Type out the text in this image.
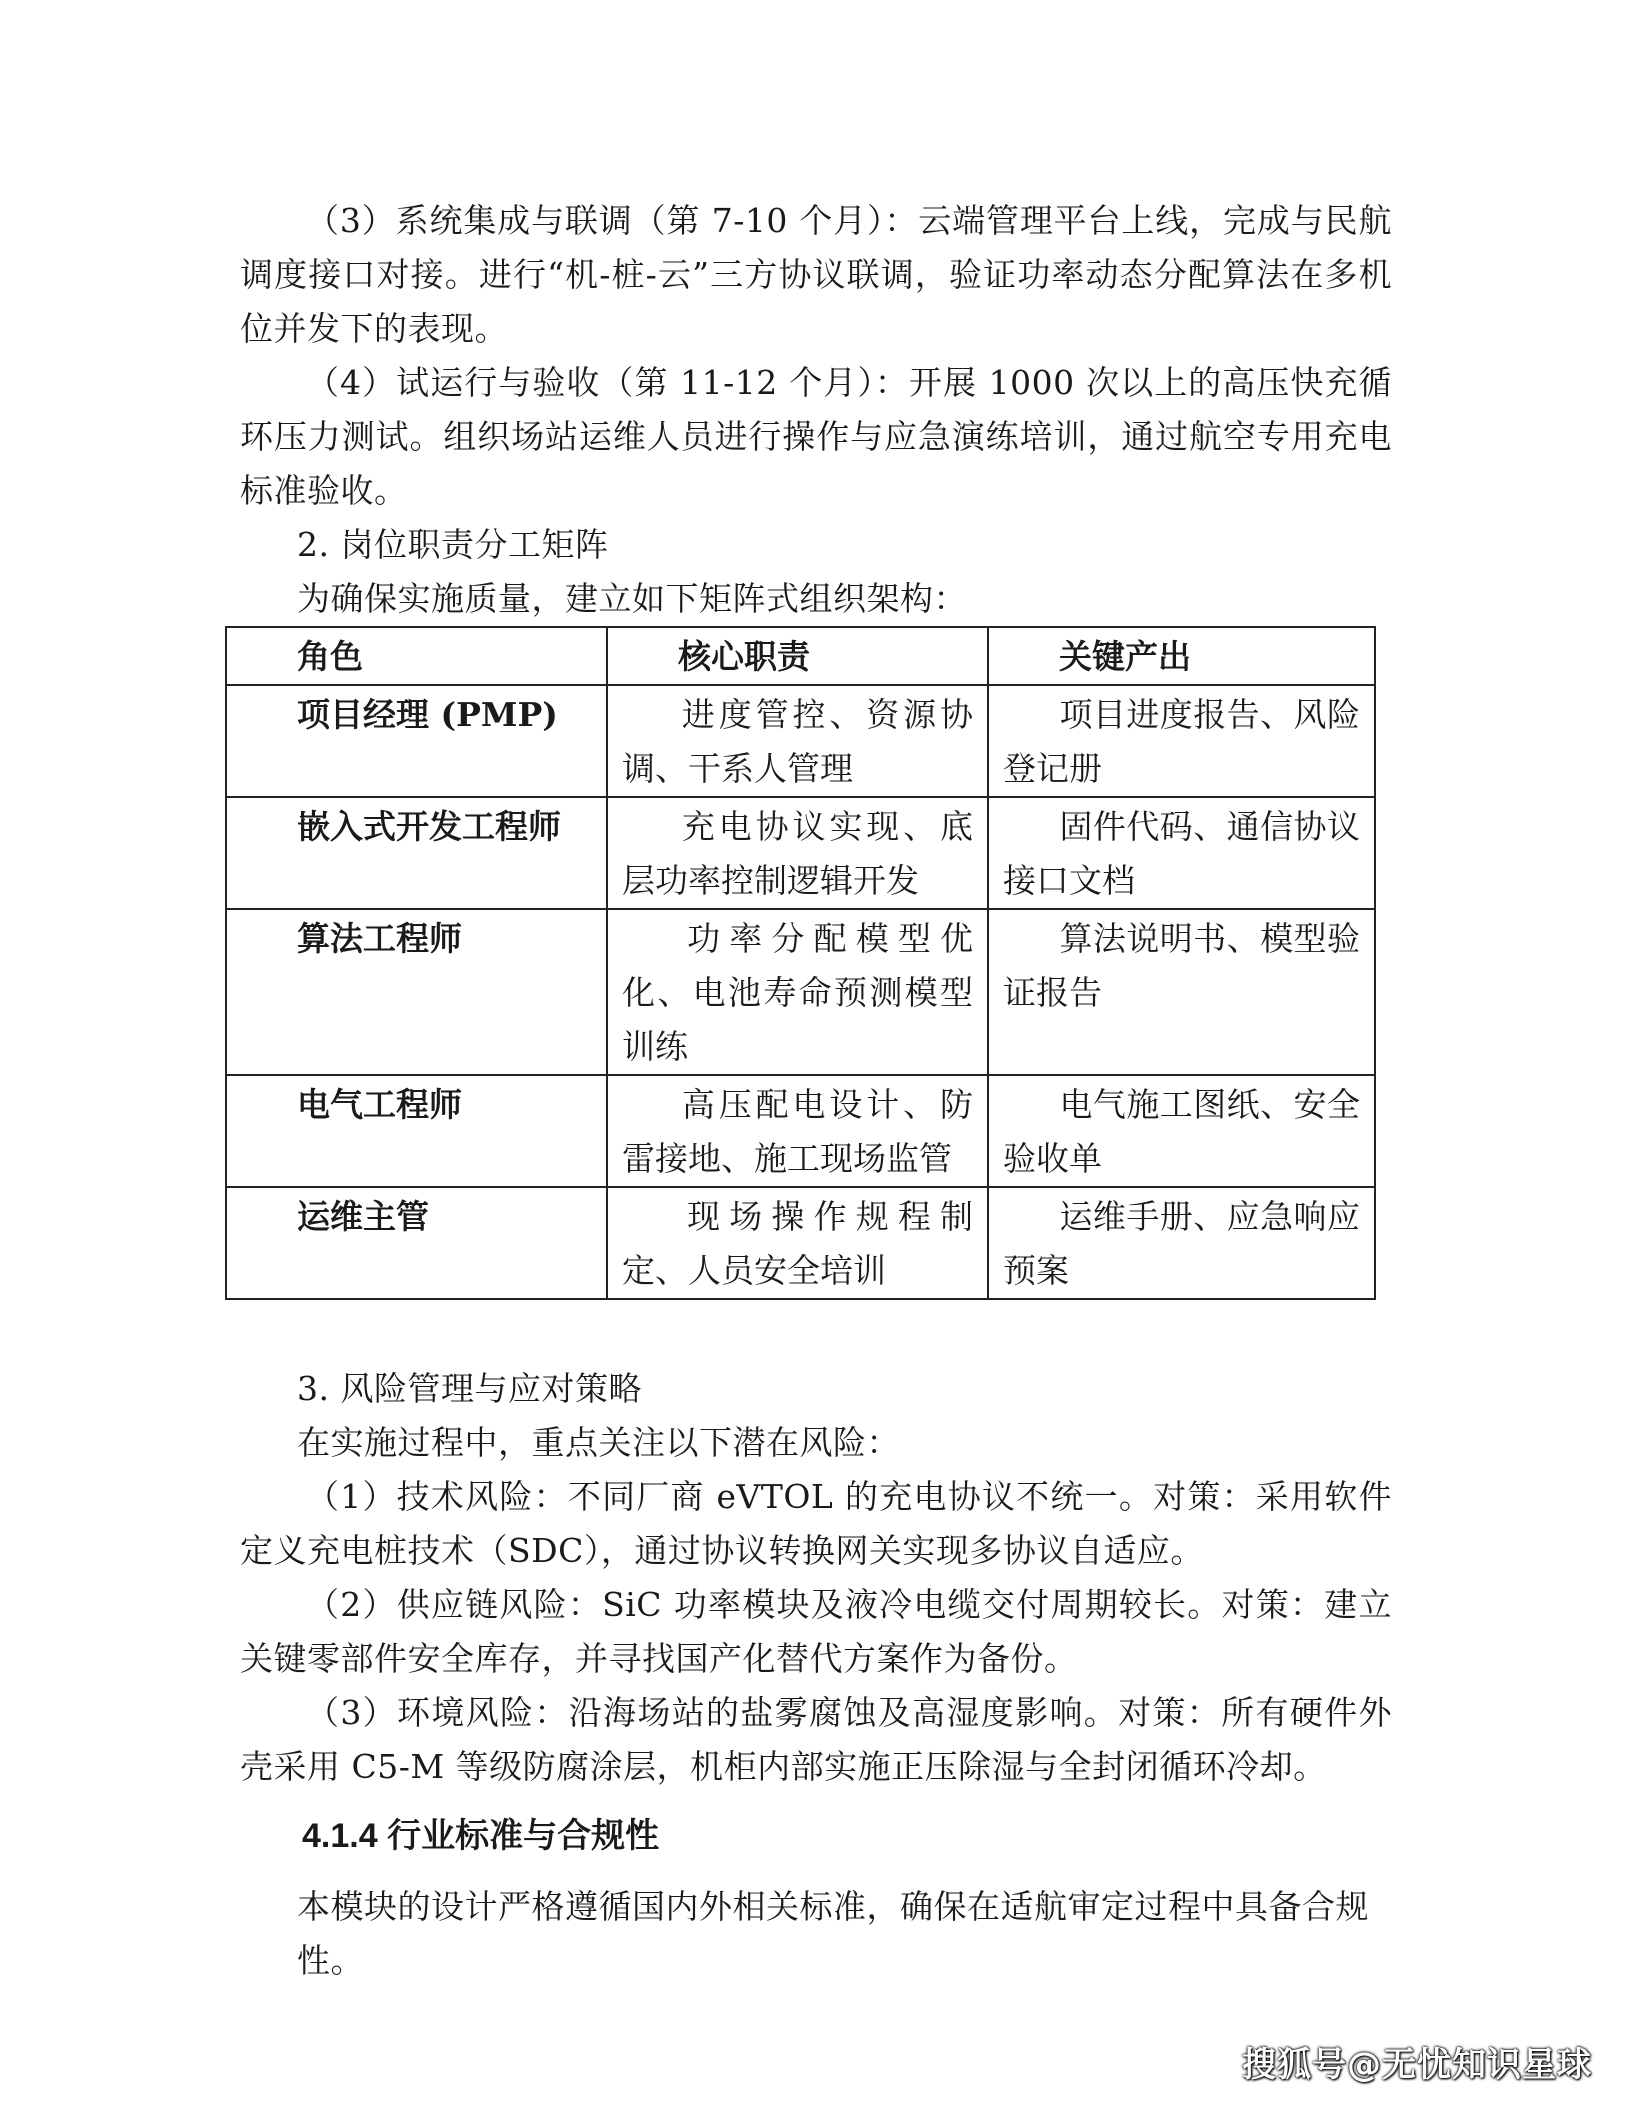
（3）系统集成与联调（第 7-10 个月）：云端管理平台上线，完成与民航调度接口对接。进行“机-桩-云”三方协议联调，验证功率动态分配算法在多机位并发下的表现。

（4）试运行与验收（第 11-12 个月）：开展 1000 次以上的高压快充循环压力测试。组织场站运维人员进行操作与应急演练培训，通过航空专用充电标准验收。

2. 岗位职责分工矩阵

为确保实施质量，建立如下矩阵式组织架构：

角色	核心职责	关键产出
项目经理 (PMP)	进度管控、资源协调、干系人管理	项目进度报告、风险登记册
嵌入式开发工程师	充电协议实现、底层功率控制逻辑开发	固件代码、通信协议接口文档
算法工程师	功率分配模型优化、电池寿命预测模型训练	算法说明书、模型验证报告
电气工程师	高压配电设计、防雷接地、施工现场监管	电气施工图纸、安全验收单
运维主管	现场操作规程制定、人员安全培训	运维手册、应急响应预案

3. 风险管理与应对策略

在实施过程中，重点关注以下潜在风险：

（1）技术风险：不同厂商 eVTOL 的充电协议不统一。对策：采用软件定义充电桩技术（SDC），通过协议转换网关实现多协议自适应。

（2）供应链风险：SiC 功率模块及液冷电缆交付周期较长。对策：建立关键零部件安全库存，并寻找国产化替代方案作为备份。

（3）环境风险：沿海场站的盐雾腐蚀及高湿度影响。对策：所有硬件外壳采用 C5-M 等级防腐涂层，机柜内部实施正压除湿与全封闭循环冷却。

4.1.4 行业标准与合规性

本模块的设计严格遵循国内外相关标准，确保在适航审定过程中具备合规性。

搜狐号@无忧知识星球
